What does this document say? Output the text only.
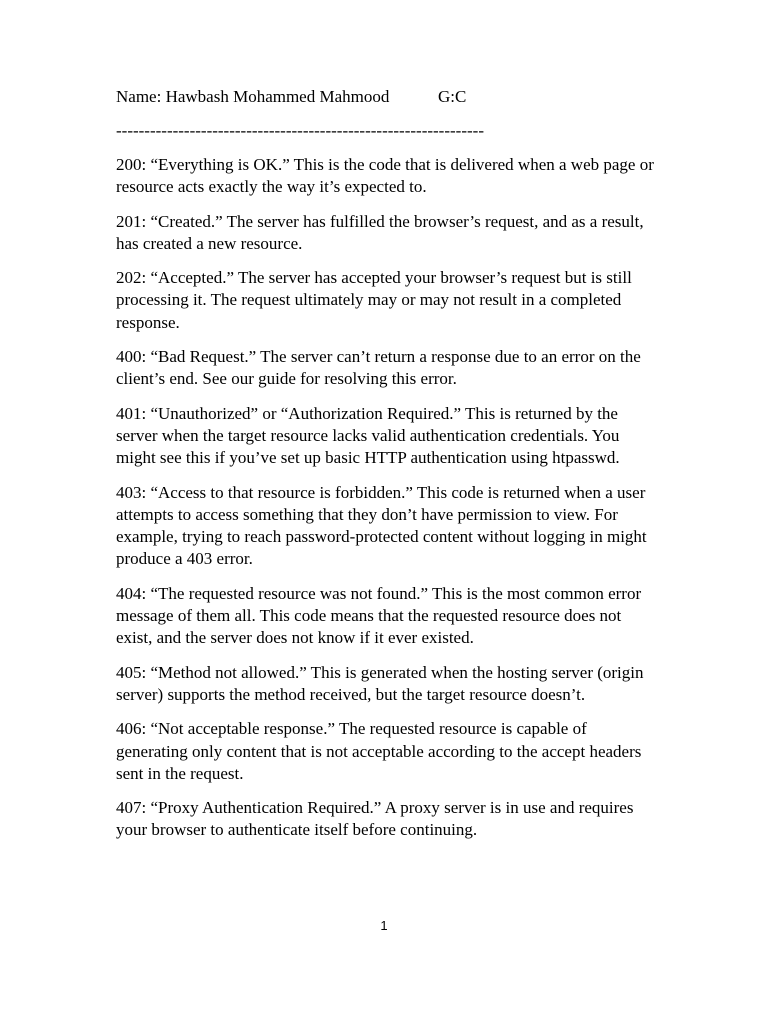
Name: Hawbash Mohammed Mahmood	G:C
-----------------------------------------------------------------

200: “Everything is OK.” This is the code that is delivered when a web page or resource acts exactly the way it’s expected to.

201: “Created.” The server has fulfilled the browser’s request, and as a result, has created a new resource.

202: “Accepted.” The server has accepted your browser’s request but is still processing it. The request ultimately may or may not result in a completed response.

400: “Bad Request.” The server can’t return a response due to an error on the client’s end. See our guide for resolving this error.

401: “Unauthorized” or “Authorization Required.” This is returned by the server when the target resource lacks valid authentication credentials. You might see this if you’ve set up basic HTTP authentication using htpasswd.

403: “Access to that resource is forbidden.” This code is returned when a user attempts to access something that they don’t have permission to view. For example, trying to reach password-protected content without logging in might produce a 403 error.

404: “The requested resource was not found.” This is the most common error message of them all. This code means that the requested resource does not exist, and the server does not know if it ever existed.

405: “Method not allowed.” This is generated when the hosting server (origin server) supports the method received, but the target resource doesn’t.

406: “Not acceptable response.” The requested resource is capable of generating only content that is not acceptable according to the accept headers sent in the request.

407: “Proxy Authentication Required.” A proxy server is in use and requires your browser to authenticate itself before continuing.

1
